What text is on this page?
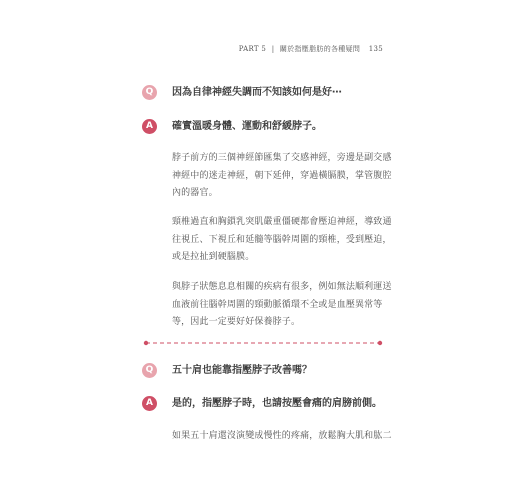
PART 5 | 關於指壓脂肪的各種疑問 135
Q	因為自律神經失調而不知該如何是好⋯
A	確實溫暖身體、運動和舒緩脖子。
脖子前方的三個神經節匯集了交感神經，旁邊是副交感神經中的迷走神經，朝下延伸，穿過橫膈膜，掌管腹腔內的器官。
頸椎過直和胸鎖乳突肌嚴重僵硬都會壓迫神經，導致通往視丘、下視丘和延髓等腦幹周圍的頸椎，受到壓迫，或是拉扯到硬腦膜。
與脖子狀態息息相關的疾病有很多，例如無法順利運送血液前往腦幹周圍的頸動脈循環不全或是血壓異常等等，因此一定要好好保養脖子。
Q	五十肩也能靠指壓脖子改善嗎？
A	是的，指壓脖子時，也請按壓會痛的肩膀前側。
如果五十肩還沒演變成慢性的疼痛，放鬆胸大肌和肱二
